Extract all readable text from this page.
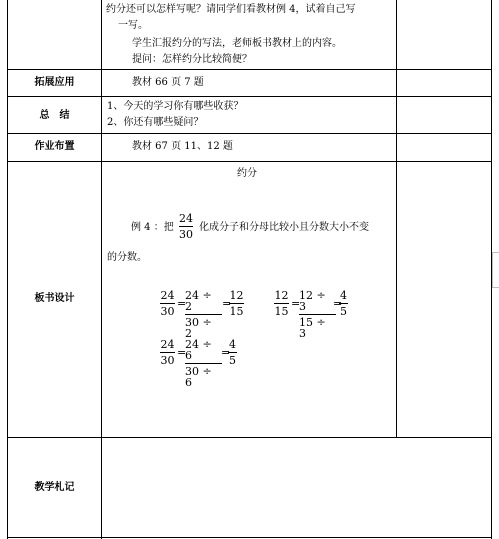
约分还可以怎样写呢？请同学们看教材例 4，试着自己写
一写。
学生汇报约分的写法，老师板书教材上的内容。
提问：怎样约分比较简便？
拓展应用	教材 66 页 7 题
总　结
1、今天的学习你有哪些收获？
2、你还有哪些疑问？
作业布置	教材 67 页 11、12 题
板书设计
约分
例 4 ：把
24
30
化成分子和分母比较小且分数大小不变
的分数。
24
30
=
24 ÷ 2
30 ÷ 2
=
12
15
12
15
=
12 ÷ 3
15 ÷ 3
=
4
5
24
30
=
24 ÷ 6
30 ÷ 6
=
4
5
教学札记
